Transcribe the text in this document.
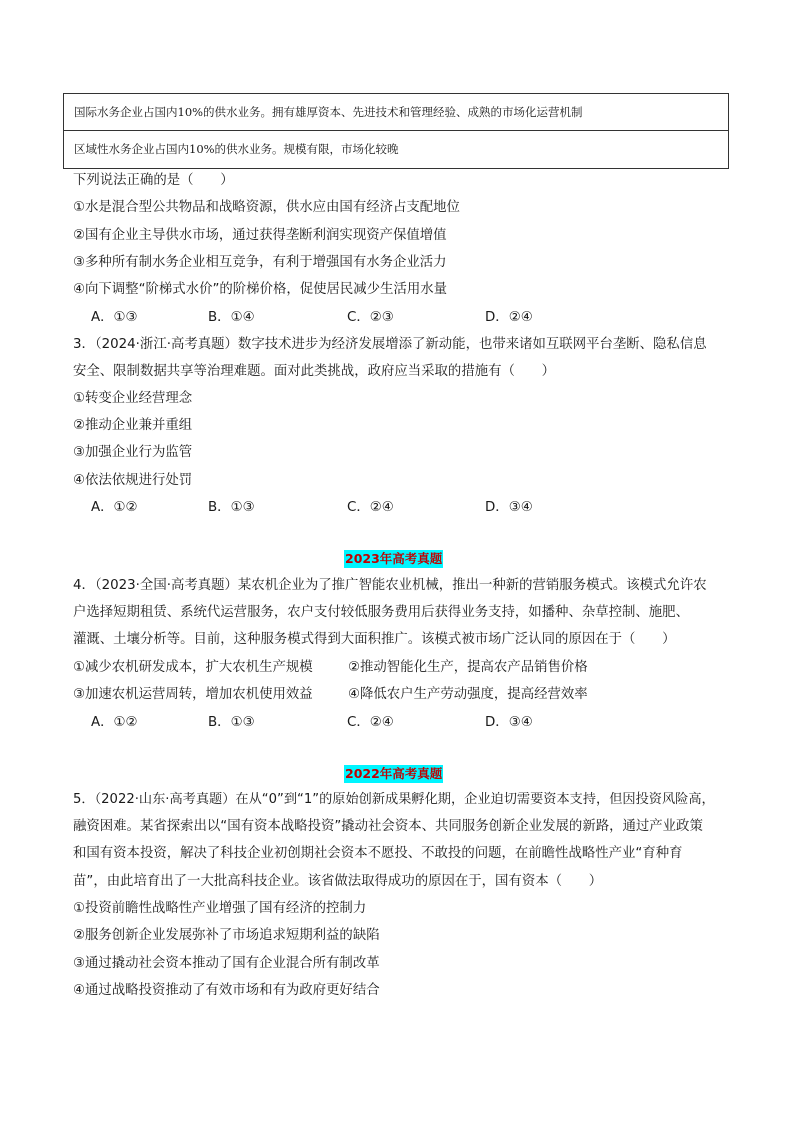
国际水务企业占国内10%的供水业务。拥有雄厚资本、先进技术和管理经验、成熟的市场化运营机制
区域性水务企业占国内10%的供水业务。规模有限，市场化较晚
下列说法正确的是（　　）
①水是混合型公共物品和战略资源，供水应由国有经济占支配地位
②国有企业主导供水市场，通过获得垄断利润实现资产保值增值
③多种所有制水务企业相互竞争，有利于增强国有水务企业活力
④向下调整“阶梯式水价”的阶梯价格，促使居民减少生活用水量
A．①③	B．①④	C．②③	D．②④
3．（2024·浙江·高考真题）数字技术进步为经济发展增添了新动能，也带来诸如互联网平台垄断、隐私信息
安全、限制数据共享等治理难题。面对此类挑战，政府应当采取的措施有（　　）
①转变企业经营理念
②推动企业兼并重组
③加强企业行为监管
④依法依规进行处罚
A．①②	B．①③	C．②④	D．③④
2023年高考真题
4．（2023·全国·高考真题）某农机企业为了推广智能农业机械，推出一种新的营销服务模式。该模式允许农
户选择短期租赁、系统代运营服务，农户支付较低服务费用后获得业务支持，如播种、杂草控制、施肥、
灌溉、土壤分析等。目前，这种服务模式得到大面积推广。该模式被市场广泛认同的原因在于（　　）
①减少农机研发成本，扩大农机生产规模	②推动智能化生产，提高农产品销售价格
③加速农机运营周转，增加农机使用效益	④降低农户生产劳动强度，提高经营效率
A．①②	B．①③	C．②④	D．③④
2022年高考真题
5．（2022·山东·高考真题）在从“0”到“1”的原始创新成果孵化期，企业迫切需要资本支持，但因投资风险高，
融资困难。某省探索出以“国有资本战略投资”撬动社会资本、共同服务创新企业发展的新路，通过产业政策
和国有资本投资，解决了科技企业初创期社会资本不愿投、不敢投的问题，在前瞻性战略性产业“育种育
苗”，由此培育出了一大批高科技企业。该省做法取得成功的原因在于，国有资本（　　）
①投资前瞻性战略性产业增强了国有经济的控制力
②服务创新企业发展弥补了市场追求短期利益的缺陷
③通过撬动社会资本推动了国有企业混合所有制改革
④通过战略投资推动了有效市场和有为政府更好结合
